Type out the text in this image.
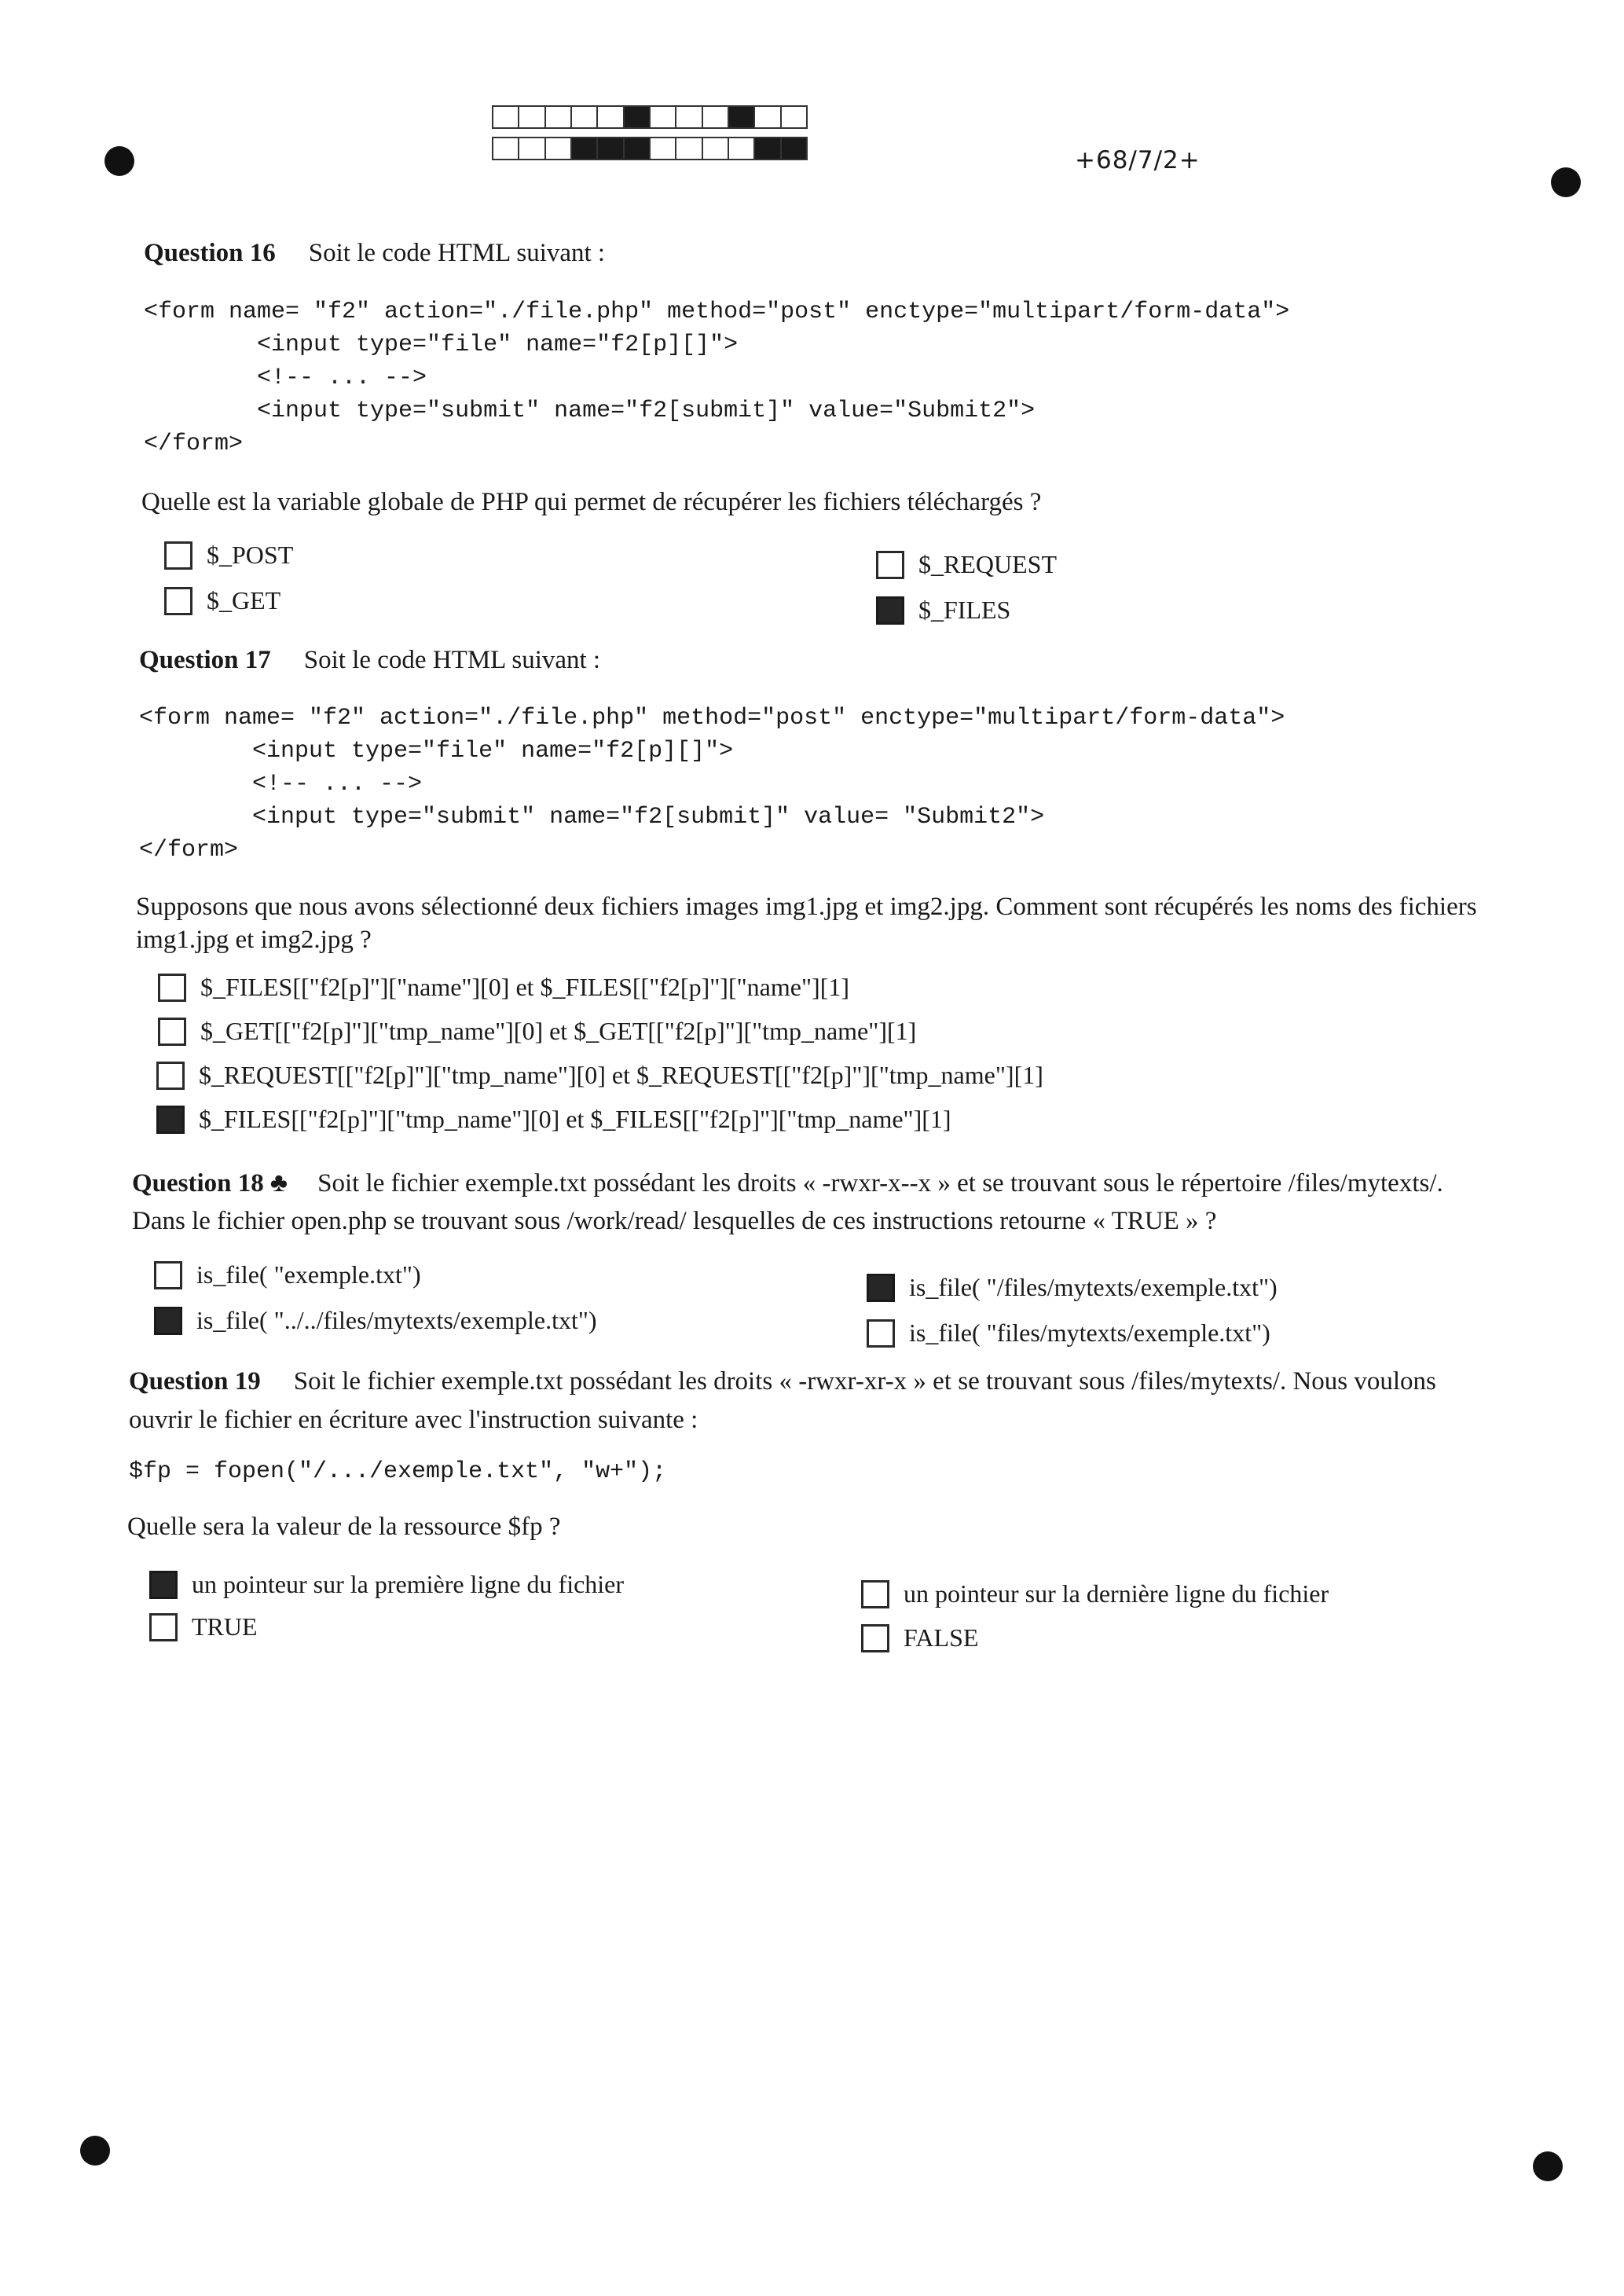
+68/7/2+
Question 16 Soit le code HTML suivant :
<form name= "f2" action="./file.php" method="post" enctype="multipart/form-data">
<input type="file" name="f2[p][]">
<!-- ... -->
<input type="submit" name="f2[submit]" value="Submit2">
</form>
Quelle est la variable globale de PHP qui permet de récupérer les fichiers téléchargés ?
$_POST
$_GET
$_REQUEST
$_FILES
Question 17 Soit le code HTML suivant :
<form name= "f2" action="./file.php" method="post" enctype="multipart/form-data">
<input type="file" name="f2[p][]">
<!-- ... -->
<input type="submit" name="f2[submit]" value= "Submit2">
</form>
Supposons que nous avons sélectionné deux fichiers images img1.jpg et img2.jpg. Comment sont récupérés les noms des fichiers img1.jpg et img2.jpg ?
$_FILES[["f2[p]"]["name"][0] et $_FILES[["f2[p]"]["name"][1]
$_GET[["f2[p]"]["tmp_name"][0] et $_GET[["f2[p]"]["tmp_name"][1]
$_REQUEST[["f2[p]"]["tmp_name"][0] et $_REQUEST[["f2[p]"]["tmp_name"][1]
$_FILES[["f2[p]"]["tmp_name"][0] et $_FILES[["f2[p]"]["tmp_name"][1]
Question 18 ♣ Soit le fichier exemple.txt possédant les droits « -rwxr-x--x » et se trouvant sous le répertoire /files/mytexts/.
Dans le fichier open.php se trouvant sous /work/read/ lesquelles de ces instructions retourne « TRUE » ?
is_file( "exemple.txt")
is_file( "../../files/mytexts/exemple.txt")
is_file( "/files/mytexts/exemple.txt")
is_file( "files/mytexts/exemple.txt")
Question 19 Soit le fichier exemple.txt possédant les droits « -rwxr-xr-x » et se trouvant sous /files/mytexts/. Nous voulons
ouvrir le fichier en écriture avec l'instruction suivante :
$fp = fopen("/.../exemple.txt", "w+");
Quelle sera la valeur de la ressource $fp ?
un pointeur sur la première ligne du fichier
TRUE
un pointeur sur la dernière ligne du fichier
FALSE
